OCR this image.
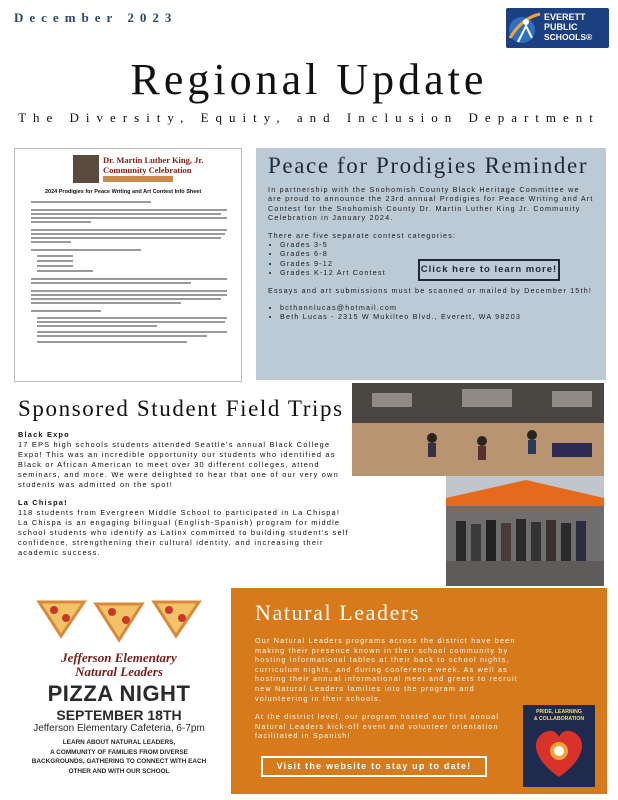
December 2023	EVERETT
PUBLIC
SCHOOLS®
Regional Update
The Diversity, Equity, and Inclusion Department
Dr. Martin Luther King, Jr.
Community Celebration
2024 Prodigies for Peace Writing and Art Contest Info Sheet
Peace for Prodigies Reminder

In partnership with the Snohomish County Black Heritage Committee we are proud to announce the 23rd annual Prodigies for Peace Writing and Art Contest for the Snohomish County Dr. Martin Luther King Jr. Community Celebration in January 2024.

There are five separate contest categories:

• Grades 3-5
• Grades 6-8
• Grades 9-12
• Grades K-12 Art Contest

Essays and art submissions must be scanned or mailed by December 15th!

• bcthannlucas@hotmail.com
• Beth Lucas - 2315 W Mukilteo Blvd., Everett, WA 98203
Click here to learn more!
Sponsored Student Field Trips

Black Expo

17 EPS high schools students attended Seattle's annual Black College Expo! This was an incredible opportunity our students who identified as Black or African American to meet over 30 different colleges, attend seminars, and more. We were delighted to hear that one of our very own students was admitted on the spot!

La Chispa!

118 students from Evergreen Middle School to participated in La Chispa! La Chispa is an engaging bilingual (English-Spanish) program for middle school students who identify as Latinx committed to building student's self confidence, strengthening their cultural identity, and increasing their academic success.

Jefferson Elementary
Natural Leaders
PIZZA NIGHT
SEPTEMBER 18TH
Jefferson Elementary Cafeteria, 6-7pm
LEARN ABOUT NATURAL LEADERS,
A COMMUNITY OF FAMILIES FROM DIVERSE
BACKGROUNDS, GATHERING TO CONNECT WITH EACH
OTHER AND WITH OUR SCHOOL
Natural Leaders

Our Natural Leaders programs across the district have been making their presence known in their school community by hosting informational tables at their back to school nights, curriculum nights, and during conference week. As well as hosting their annual informational meet and greets to recruit new Natural Leaders families into the program and volunteering in their schools.

At the district level, our program hosted our first annual Natural Leaders kick-off event and volunteer orientation facilitated in Spanish!

Visit the website to stay up to date!
PRIDE, LEARNING
& COLLABORATION
